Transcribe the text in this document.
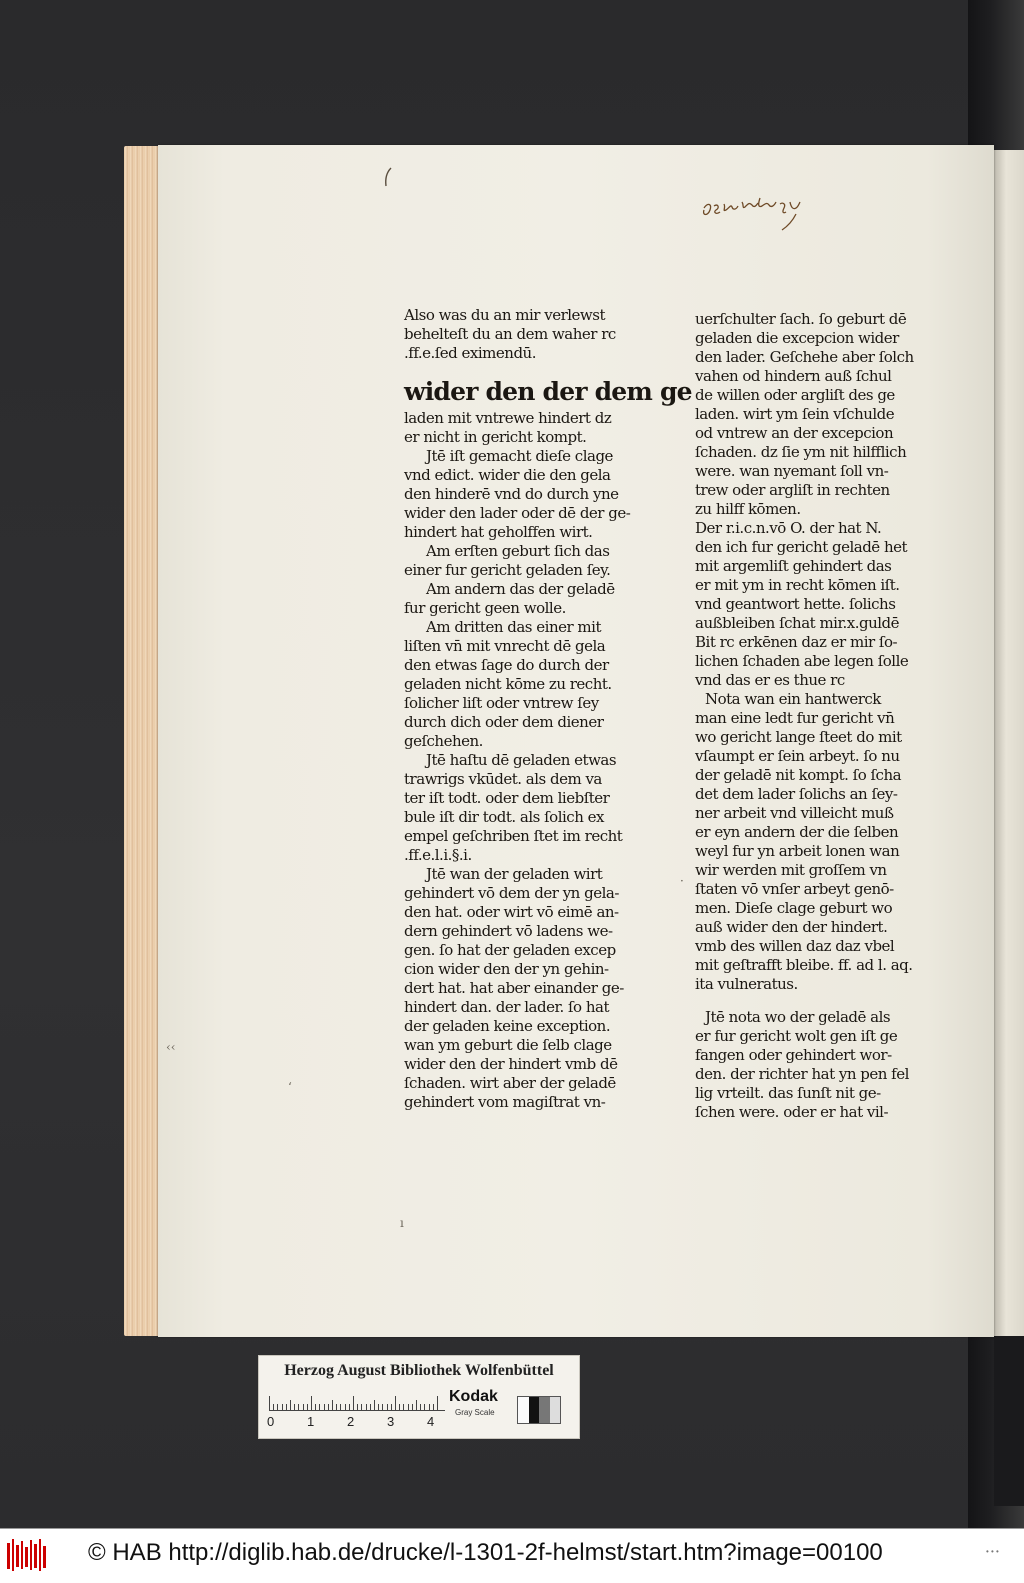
‹‹
‘
ı
·
Also was du an mir verlewst
behelteſt du an dem waher rc
.ff.e.ſed eximendū.
wider den der dem ge
laden mit vntrewe hindert dz
er nicht in gericht kompt.
Jtē iſt gemacht dieſe clage
vnd edict. wider die den gela
den hinderē vnd do durch yne
wider den lader oder dē der ge-
hindert hat geholffen wirt.
Am erſten geburt ſich das
einer fur gericht geladen ſey.
Am andern das der geladē
fur gericht geen wolle.
Am dritten das einer mit
liſten vn̄ mit vnrecht dē gela
den etwas ſage do durch der
geladen nicht kōme zu recht.
ſolicher liſt oder vntrew ſey
durch dich oder dem diener
geſchehen.
Jtē haſtu dē geladen etwas
trawrigs vkūdet. als dem va
ter iſt todt. oder dem liebſter
bule iſt dir todt. als ſolich ex
empel geſchriben ſtet im recht
.ff.e.l.i.§.i.
Jtē wan der geladen wirt
gehindert vō dem der yn gela-
den hat. oder wirt vō eimē an-
dern gehindert vō ladens we-
gen. ſo hat der geladen excep
cion wider den der yn gehin-
dert hat. hat aber einander ge-
hindert dan. der lader. ſo hat
der geladen keine exception.
wan ym geburt die ſelb clage
wider den der hindert vmb dē
ſchaden. wirt aber der geladē
gehindert vom magiſtrat vn-
uerſchulter ſach. ſo geburt dē
geladen die excepcion wider
den lader. Geſchehe aber ſolch
vahen od hindern auß ſchul
de willen oder argliſt des ge
laden. wirt ym ſein vſchulde
od vntrew an der excepcion
ſchaden. dz ſie ym nit hilfflich
were. wan nyemant ſoll vn-
trew oder argliſt in rechten
zu hilff kōmen.
Der r.i.c.n.vō O. der hat N.
den ich fur gericht geladē het
mit argemliſt gehindert das
er mit ym in recht kōmen iſt.
vnd geantwort hette. ſolichs
außbleiben ſchat mir.x.guldē
Bit rc erkēnen daz er mir ſo-
lichen ſchaden abe legen ſolle
vnd das er es thue rc
Nota wan ein hantwerck
man eine ledt fur gericht vn̄
wo gericht lange ſteet do mit
vſaumpt er ſein arbeyt. ſo nu
der geladē nit kompt. ſo ſcha
det dem lader ſolichs an ſey-
ner arbeit vnd villeicht muß
er eyn andern der die ſelben
weyl fur yn arbeit lonen wan
wir werden mit groſſem vn
ſtaten vō vnſer arbeyt genō-
men. Dieſe clage geburt wo
auß wider den der hindert.
vmb des willen daz daz vbel
mit geſtrafft bleibe. ff. ad l. aq.
ita vulneratus.
Jtē nota wo der geladē als
er fur gericht wolt gen iſt ge
fangen oder gehindert wor-
den. der richter hat yn pen fel
lig vrteilt. das ſunſt nit ge-
ſchen were. oder er hat vil-
Herzog August Bibliothek Wolfenbüttel
0	1	2	3	4
Kodak
Gray Scale
© HAB http://diglib.hab.de/drucke/l-1301-2f-helmst/start.htm?image=00100	• • •
